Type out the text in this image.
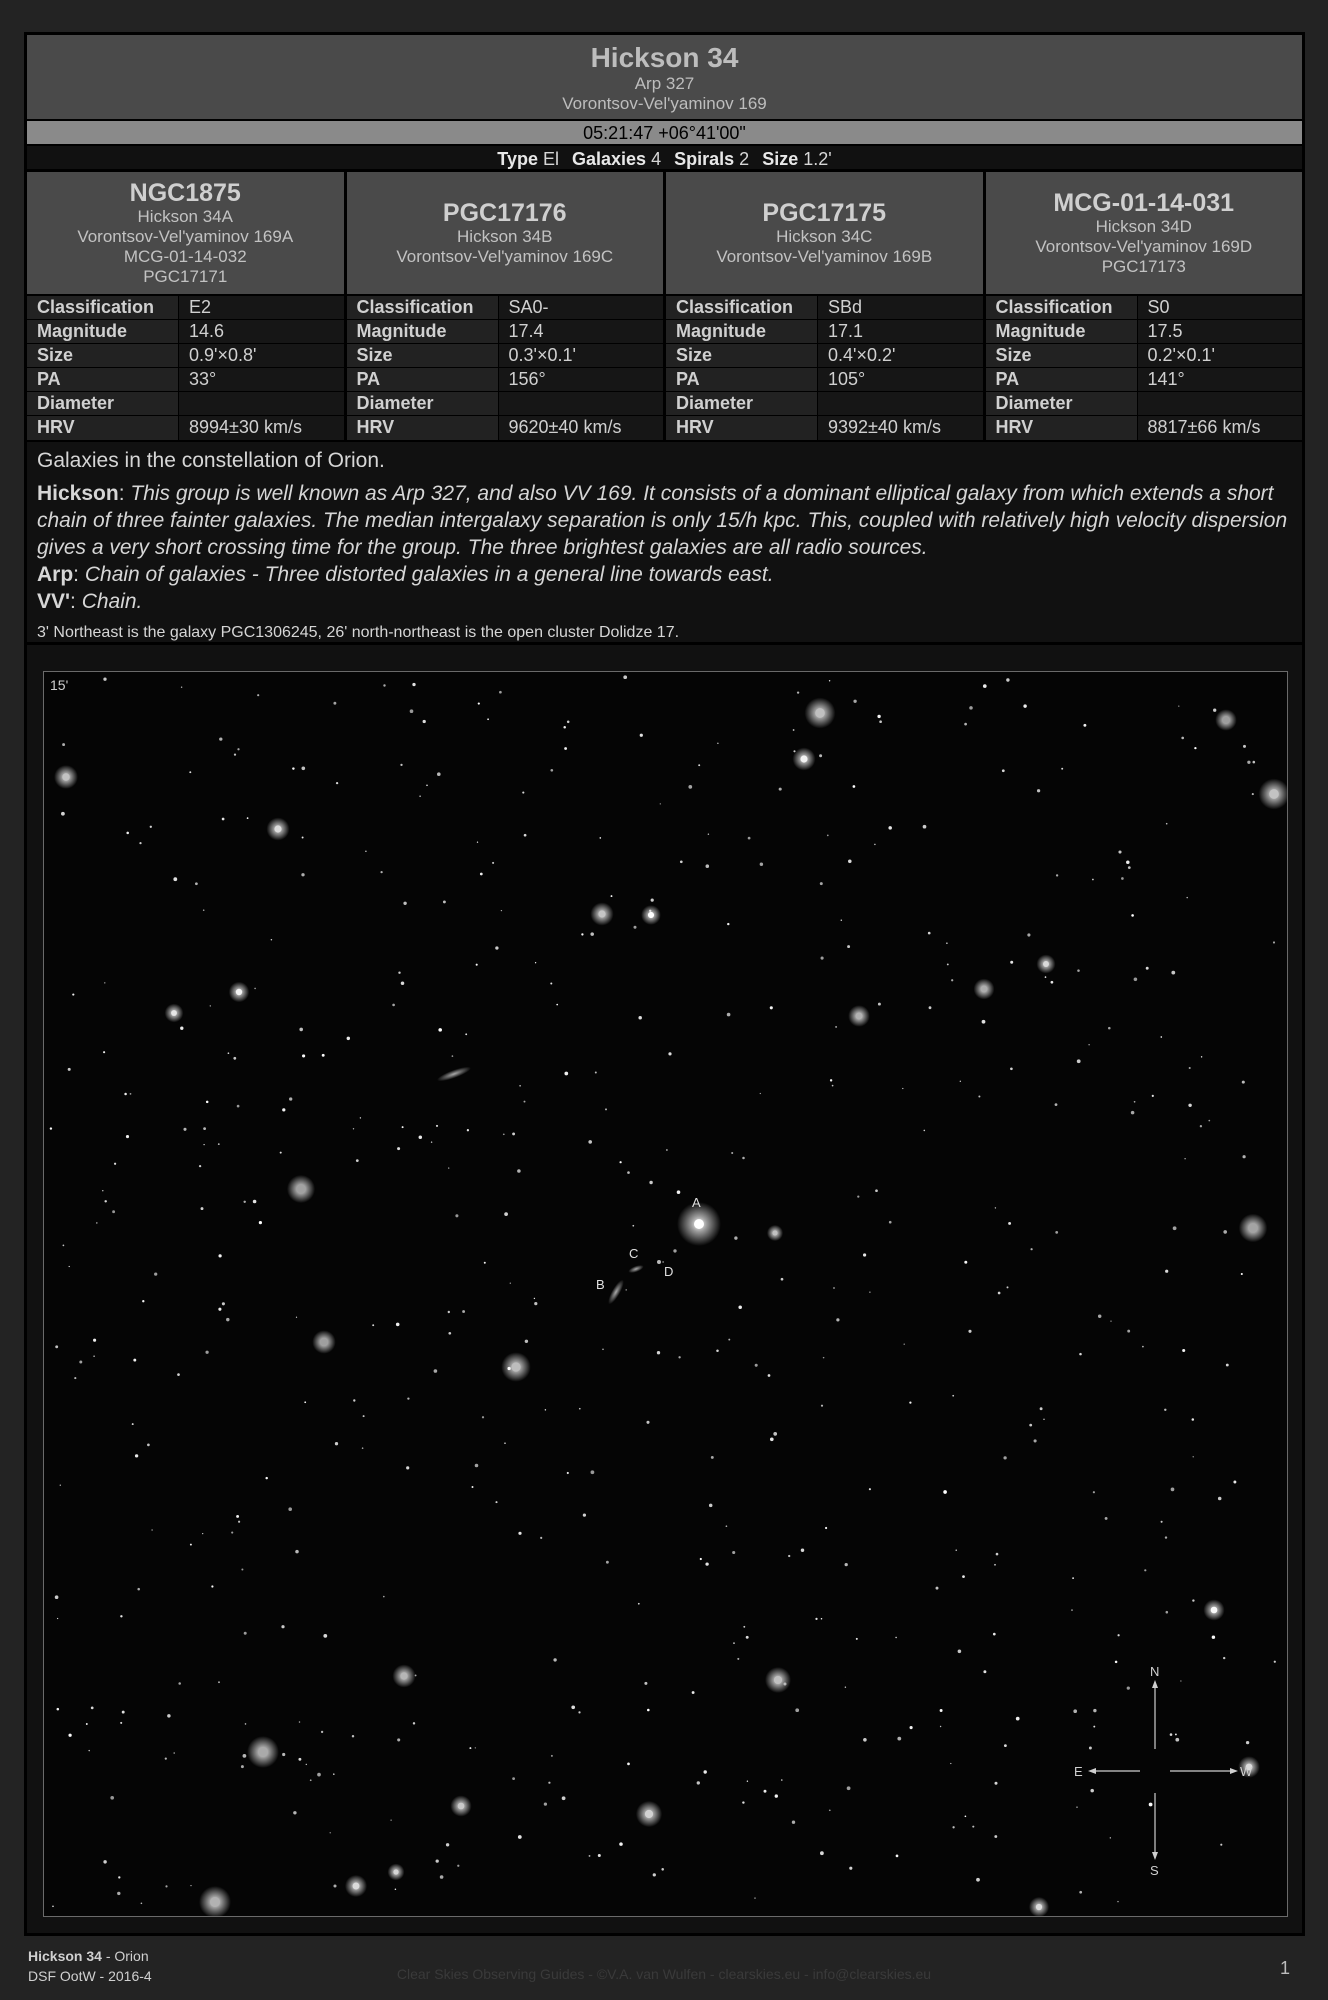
Hickson 34
Arp 327
Vorontsov-Vel'yaminov 169
05:21:47 +06°41'00"
Type El Galaxies 4 Spirals 2 Size 1.2'
NGC1875
Hickson 34A
Vorontsov-Vel'yaminov 169A
MCG-01-14-032
PGC17171
Classification	E2
Magnitude	14.6
Size	0.9'×0.8'
PA	33°
Diameter
HRV	8994±30 km/s
PGC17176
Hickson 34B
Vorontsov-Vel'yaminov 169C
Classification	SA0-
Magnitude	17.4
Size	0.3'×0.1'
PA	156°
Diameter
HRV	9620±40 km/s
PGC17175
Hickson 34C
Vorontsov-Vel'yaminov 169B
Classification	SBd
Magnitude	17.1
Size	0.4'×0.2'
PA	105°
Diameter
HRV	9392±40 km/s
MCG-01-14-031
Hickson 34D
Vorontsov-Vel'yaminov 169D
PGC17173
Classification	S0
Magnitude	17.5
Size	0.2'×0.1'
PA	141°
Diameter
HRV	8817±66 km/s
Galaxies in the constellation of Orion.

Hickson: This group is well known as Arp 327, and also VV 169. It consists of a dominant elliptical galaxy from which extends a short chain of three fainter galaxies. The median intergalaxy separation is only 15/h kpc. This, coupled with relatively high velocity dispersion gives a very short crossing time for the group. The three brightest galaxies are all radio sources.

Arp: Chain of galaxies - Three distorted galaxies in a general line towards east.

VV': Chain.

3' Northeast is the galaxy PGC1306245, 26' north-northeast is the open cluster Dolidze 17.
A
B
C
D
15'
N
S
E	W
Hickson 34 - Orion
DSF OotW - 2016-4	Clear Skies Observing Guides - ©V.A. van Wulfen - clearskies.eu - info@clearskies.eu	1
